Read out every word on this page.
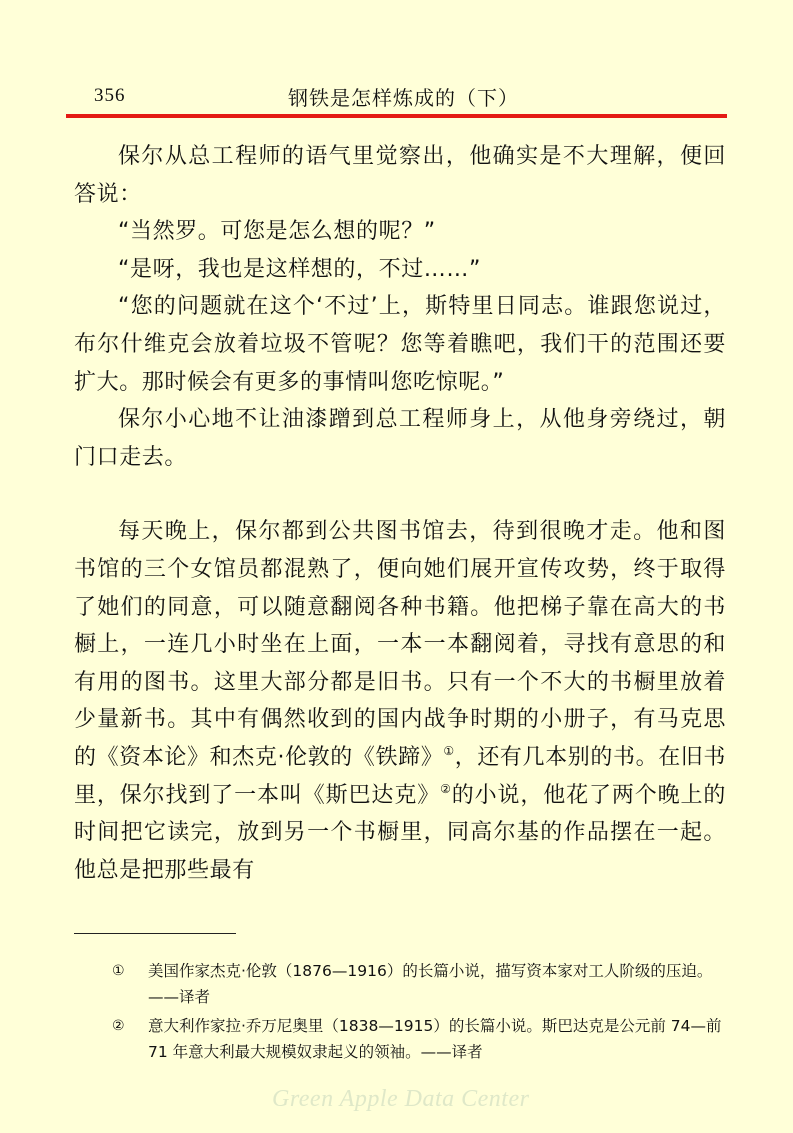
356	钢铁是怎样炼成的（下）

保尔从总工程师的语气里觉察出，他确实是不大理解，便回答说：

“当然罗。可您是怎么想的呢？”

“是呀，我也是这样想的，不过……”

“您的问题就在这个‘不过’上，斯特里日同志。谁跟您说过，布尔什维克会放着垃圾不管呢？您等着瞧吧，我们干的范围还要扩大。那时候会有更多的事情叫您吃惊呢。”

保尔小心地不让油漆蹭到总工程师身上，从他身旁绕过，朝门口走去。

每天晚上，保尔都到公共图书馆去，待到很晚才走。他和图书馆的三个女馆员都混熟了，便向她们展开宣传攻势，终于取得了她们的同意，可以随意翻阅各种书籍。他把梯子靠在高大的书橱上，一连几小时坐在上面，一本一本翻阅着，寻找有意思的和有用的图书。这里大部分都是旧书。只有一个不大的书橱里放着少量新书。其中有偶然收到的国内战争时期的小册子，有马克思的《资本论》和杰克·伦敦的《铁蹄》①，还有几本别的书。在旧书里，保尔找到了一本叫《斯巴达克》②的小说，他花了两个晚上的时间把它读完，放到另一个书橱里，同高尔基的作品摆在一起。他总是把那些最有

① 美国作家杰克·伦敦（1876—1916）的长篇小说，描写资本家对工人阶级的压迫。——译者
② 意大利作家拉·乔万尼奥里（1838—1915）的长篇小说。斯巴达克是公元前 74—前 71 年意大利最大规模奴隶起义的领袖。——译者
Green Apple Data Center
